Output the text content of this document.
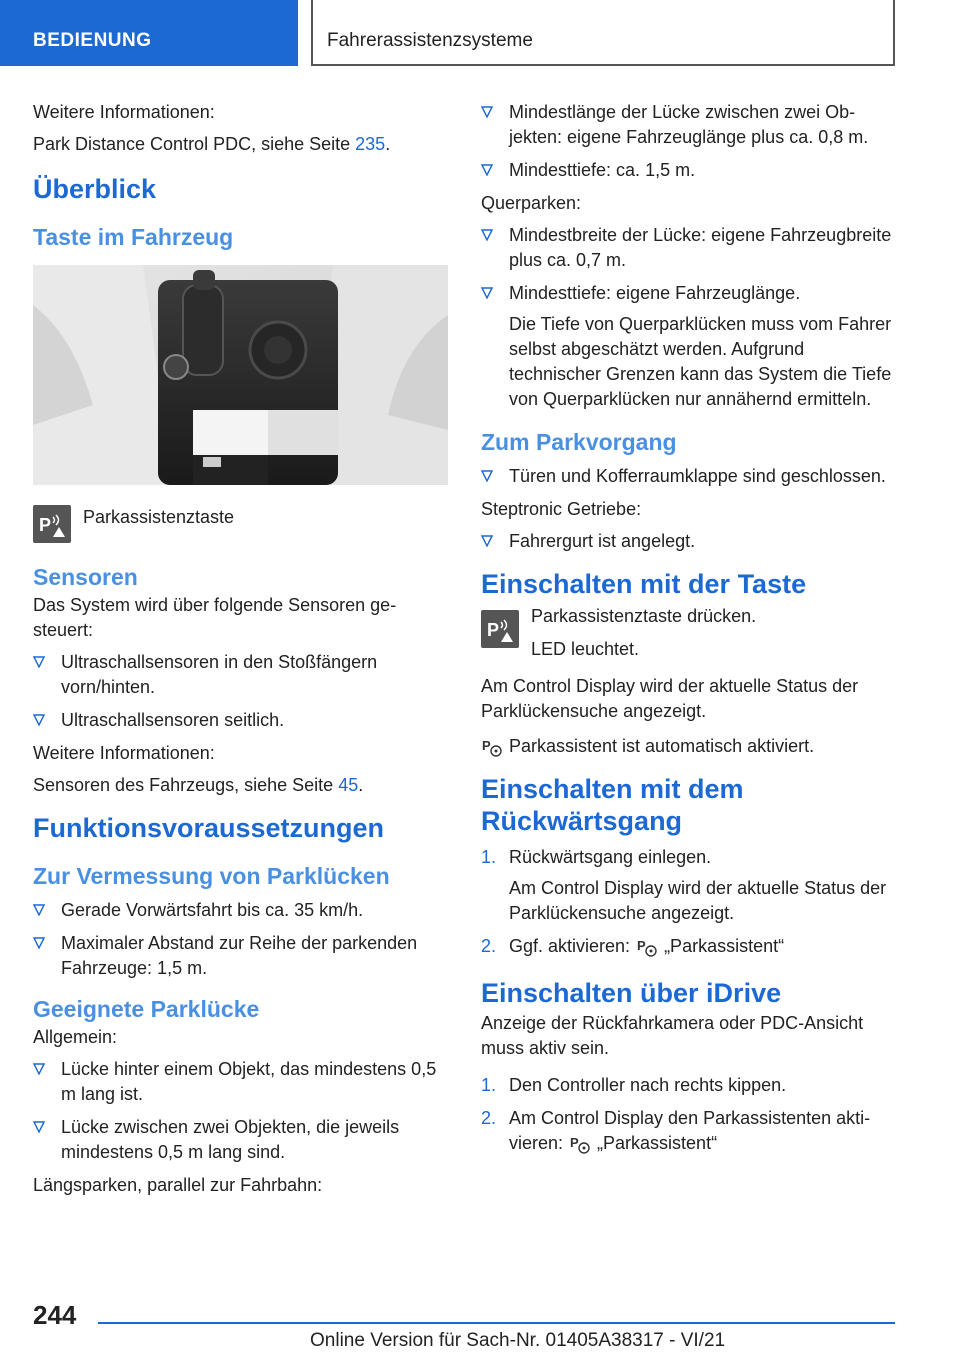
BEDIENUNG	Fahrerassistenzsysteme

Weitere Informationen:

Park Distance Control PDC, siehe Seite 235.

Überblick
Taste im Fahrzeug
P Parkassistenztaste
Sensoren

Das System wird über folgende Sensoren gesteuert:

Ultraschallsensoren in den Stoßfängern vorn/hinten.
Ultraschallsensoren seitlich.

Weitere Informationen:

Sensoren des Fahrzeugs, siehe Seite 45.

Funktionsvoraussetzungen
Zur Vermessung von Parklücken
Gerade Vorwärtsfahrt bis ca. 35 km/h.
Maximaler Abstand zur Reihe der parkenden Fahrzeuge: 1,5 m.
Geeignete Parklücke

Allgemein:

Lücke hinter einem Objekt, das mindestens 0,5 m lang ist.
Lücke zwischen zwei Objekten, die jeweils mindestens 0,5 m lang sind.

Längsparken, parallel zur Fahrbahn:

Mindestlänge der Lücke zwischen zwei Objekten: eigene Fahrzeuglänge plus ca. 0,8 m.
Mindesttiefe: ca. 1,5 m.

Querparken:

Mindestbreite der Lücke: eigene Fahrzeugbreite plus ca. 0,7 m.
Mindesttiefe: eigene Fahrzeuglänge.
Die Tiefe von Querparklücken muss vom Fahrer selbst abgeschätzt werden. Aufgrund technischer Grenzen kann das System die Tiefe von Querparklücken nur annähernd ermitteln.
Zum Parkvorgang
Türen und Kofferraumklappe sind geschlossen.

Steptronic Getriebe:

Fahrergurt ist angelegt.
Einschalten mit der Taste
P
Parkassistenztaste drücken.
LED leuchtet.

Am Control Display wird der aktuelle Status der Parklückensuche angezeigt.

P Parkassistent ist automatisch aktiviert.

Einschalten mit dem Rückwärtsgang
1. Rückwärtsgang einlegen.
Am Control Display wird der aktuelle Status der Parklückensuche angezeigt.
2. Ggf. aktivieren: P „Parkassistent“
Einschalten über iDrive

Anzeige der Rückfahrkamera oder PDC-Ansicht muss aktiv sein.

1. Den Controller nach rechts kippen.
2. Am Control Display den Parkassistenten aktivieren: P „Parkassistent“
244
Online Version für Sach-Nr. 01405A38317 - VI/21
